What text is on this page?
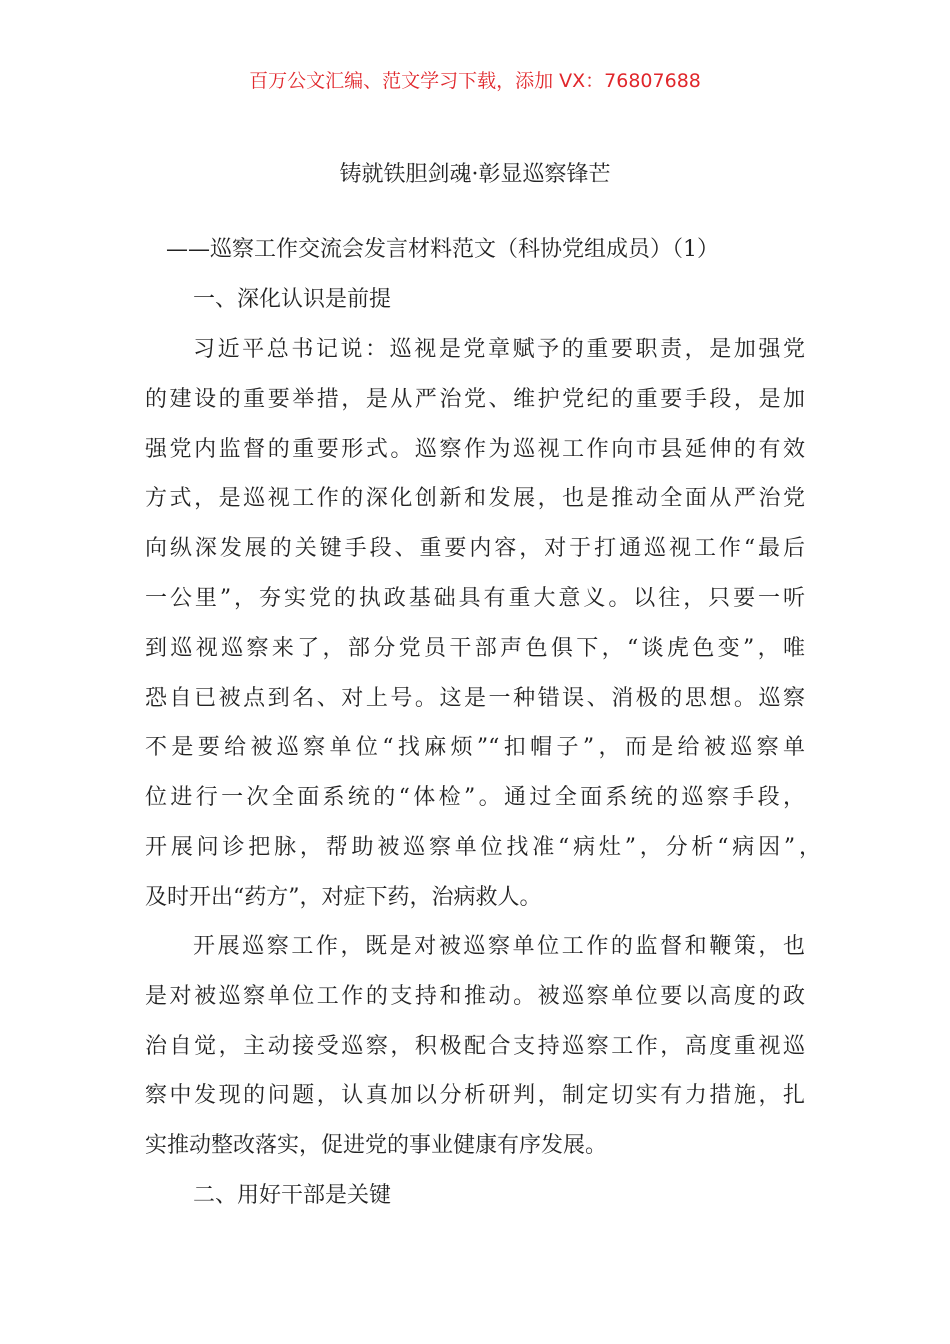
百万公文汇编、范文学习下载，添加 VX：76807688
铸就铁胆剑魂·彰显巡察锋芒
——巡察工作交流会发言材料范文（科协党组成员）（1）
一、深化认识是前提
习近平总书记说：巡视是党章赋予的重要职责，是加强党
的建设的重要举措，是从严治党、维护党纪的重要手段，是加
强党内监督的重要形式。巡察作为巡视工作向市县延伸的有效
方式，是巡视工作的深化创新和发展，也是推动全面从严治党
向纵深发展的关键手段、重要内容，对于打通巡视工作“最后
一公里”，夯实党的执政基础具有重大意义。以往，只要一听
到巡视巡察来了，部分党员干部声色俱下，“谈虎色变”，唯
恐自已被点到名、对上号。这是一种错误、消极的思想。巡察
不是要给被巡察单位“找麻烦”“扣帽子”，而是给被巡察单
位进行一次全面系统的“体检”。通过全面系统的巡察手段，
开展问诊把脉，帮助被巡察单位找准“病灶”，分析“病因”，
及时开出“药方”，对症下药，治病救人。
开展巡察工作，既是对被巡察单位工作的监督和鞭策，也
是对被巡察单位工作的支持和推动。被巡察单位要以高度的政
治自觉，主动接受巡察，积极配合支持巡察工作，高度重视巡
察中发现的问题，认真加以分析研判，制定切实有力措施，扎
实推动整改落实，促进党的事业健康有序发展。
二、用好干部是关键
